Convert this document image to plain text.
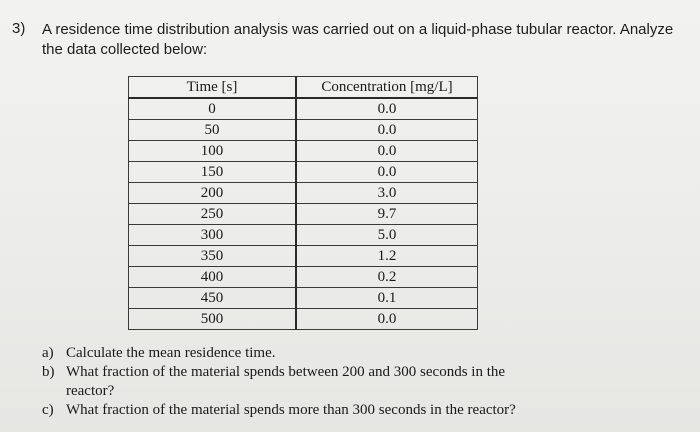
3) A residence time distribution analysis was carried out on a liquid-phase tubular reactor. Analyze
the data collected below:
Time [s]	Concentration [mg/L]
0	0.0
50	0.0
100	0.0
150	0.0
200	3.0
250	9.7
300	5.0
350	1.2
400	0.2
450	0.1
500	0.0
a) Calculate the mean residence time.
b) What fraction of the material spends between 200 and 300 seconds in the
reactor?
c) What fraction of the material spends more than 300 seconds in the reactor?
